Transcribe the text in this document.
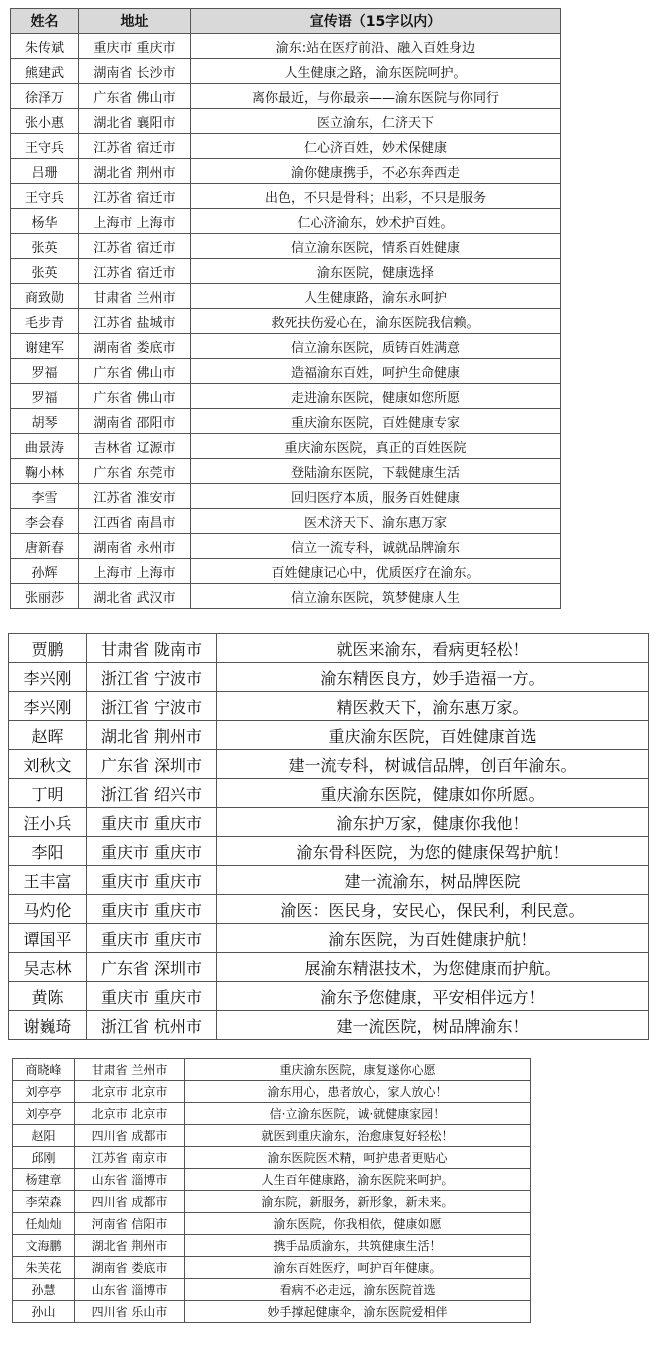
姓名	地址	宣传语（15字以内）
朱传斌	重庆市 重庆市	渝东:站在医疗前沿、融入百姓身边
熊建武	湖南省 长沙市	人生健康之路，渝东医院呵护。
徐泽万	广东省 佛山市	离你最近，与你最亲——渝东医院与你同行
张小惠	湖北省 襄阳市	医立渝东，仁济天下
王守兵	江苏省 宿迁市	仁心济百姓，妙术保健康
吕珊	湖北省 荆州市	渝你健康携手，不必东奔西走
王守兵	江苏省 宿迁市	出色，不只是骨科；出彩，不只是服务
杨华	上海市 上海市	仁心济渝东，妙术护百姓。
张英	江苏省 宿迁市	信立渝东医院，情系百姓健康
张英	江苏省 宿迁市	渝东医院，健康选择
商致勋	甘肃省 兰州市	人生健康路，渝东永呵护
毛步青	江苏省 盐城市	救死扶伤爱心在，渝东医院我信赖。
谢建军	湖南省 娄底市	信立渝东医院，质铸百姓满意
罗福	广东省 佛山市	造福渝东百姓，呵护生命健康
罗福	广东省 佛山市	走进渝东医院，健康如您所愿
胡琴	湖南省 邵阳市	重庆渝东医院，百姓健康专家
曲景涛	吉林省 辽源市	重庆渝东医院，真正的百姓医院
鞠小林	广东省 东莞市	登陆渝东医院，下载健康生活
李雪	江苏省 淮安市	回归医疗本质，服务百姓健康
李会春	江西省 南昌市	医术济天下、渝东惠万家
唐新春	湖南省 永州市	信立一流专科，诚就品牌渝东
孙辉	上海市 上海市	百姓健康记心中，优质医疗在渝东。
张丽莎	湖北省 武汉市	信立渝东医院，筑梦健康人生
贾鹏	甘肃省 陇南市	就医来渝东，看病更轻松！
李兴刚	浙江省 宁波市	渝东精医良方，妙手造福一方。
李兴刚	浙江省 宁波市	精医救天下，渝东惠万家。
赵晖	湖北省 荆州市	重庆渝东医院，百姓健康首选
刘秋文	广东省 深圳市	建一流专科，树诚信品牌，创百年渝东。
丁明	浙江省 绍兴市	重庆渝东医院，健康如你所愿。
汪小兵	重庆市 重庆市	渝东护万家，健康你我他！
李阳	重庆市 重庆市	渝东骨科医院，为您的健康保驾护航！
王丰富	重庆市 重庆市	建一流渝东，树品牌医院
马灼伦	重庆市 重庆市	渝医：医民身，安民心，保民利，利民意。
谭国平	重庆市 重庆市	渝东医院，为百姓健康护航！
吴志林	广东省 深圳市	展渝东精湛技术，为您健康而护航。
黄陈	重庆市 重庆市	渝东予您健康，平安相伴远方！
谢巍琦	浙江省 杭州市	建一流医院，树品牌渝东！
商晓峰	甘肃省 兰州市	重庆渝东医院，康复遂你心愿
刘亭亭	北京市 北京市	渝东用心，患者放心，家人放心！
刘亭亭	北京市 北京市	信·立渝东医院，诚·就健康家园！
赵阳	四川省 成都市	就医到重庆渝东，治愈康复好轻松！
邱刚	江苏省 南京市	渝东医院医术精，呵护患者更贴心
杨建章	山东省 淄博市	人生百年健康路，渝东医院来呵护。
李荣森	四川省 成都市	渝东院，新服务，新形象，新未来。
任灿灿	河南省 信阳市	渝东医院，你我相依，健康如愿
文海鹏	湖北省 荆州市	携手品质渝东，共筑健康生活！
朱芙花	湖南省 娄底市	渝东百姓医疗，呵护百年健康。
孙慧	山东省 淄博市	看病不必走远，渝东医院首选
孙山	四川省 乐山市	妙手撑起健康伞，渝东医院爱相伴
